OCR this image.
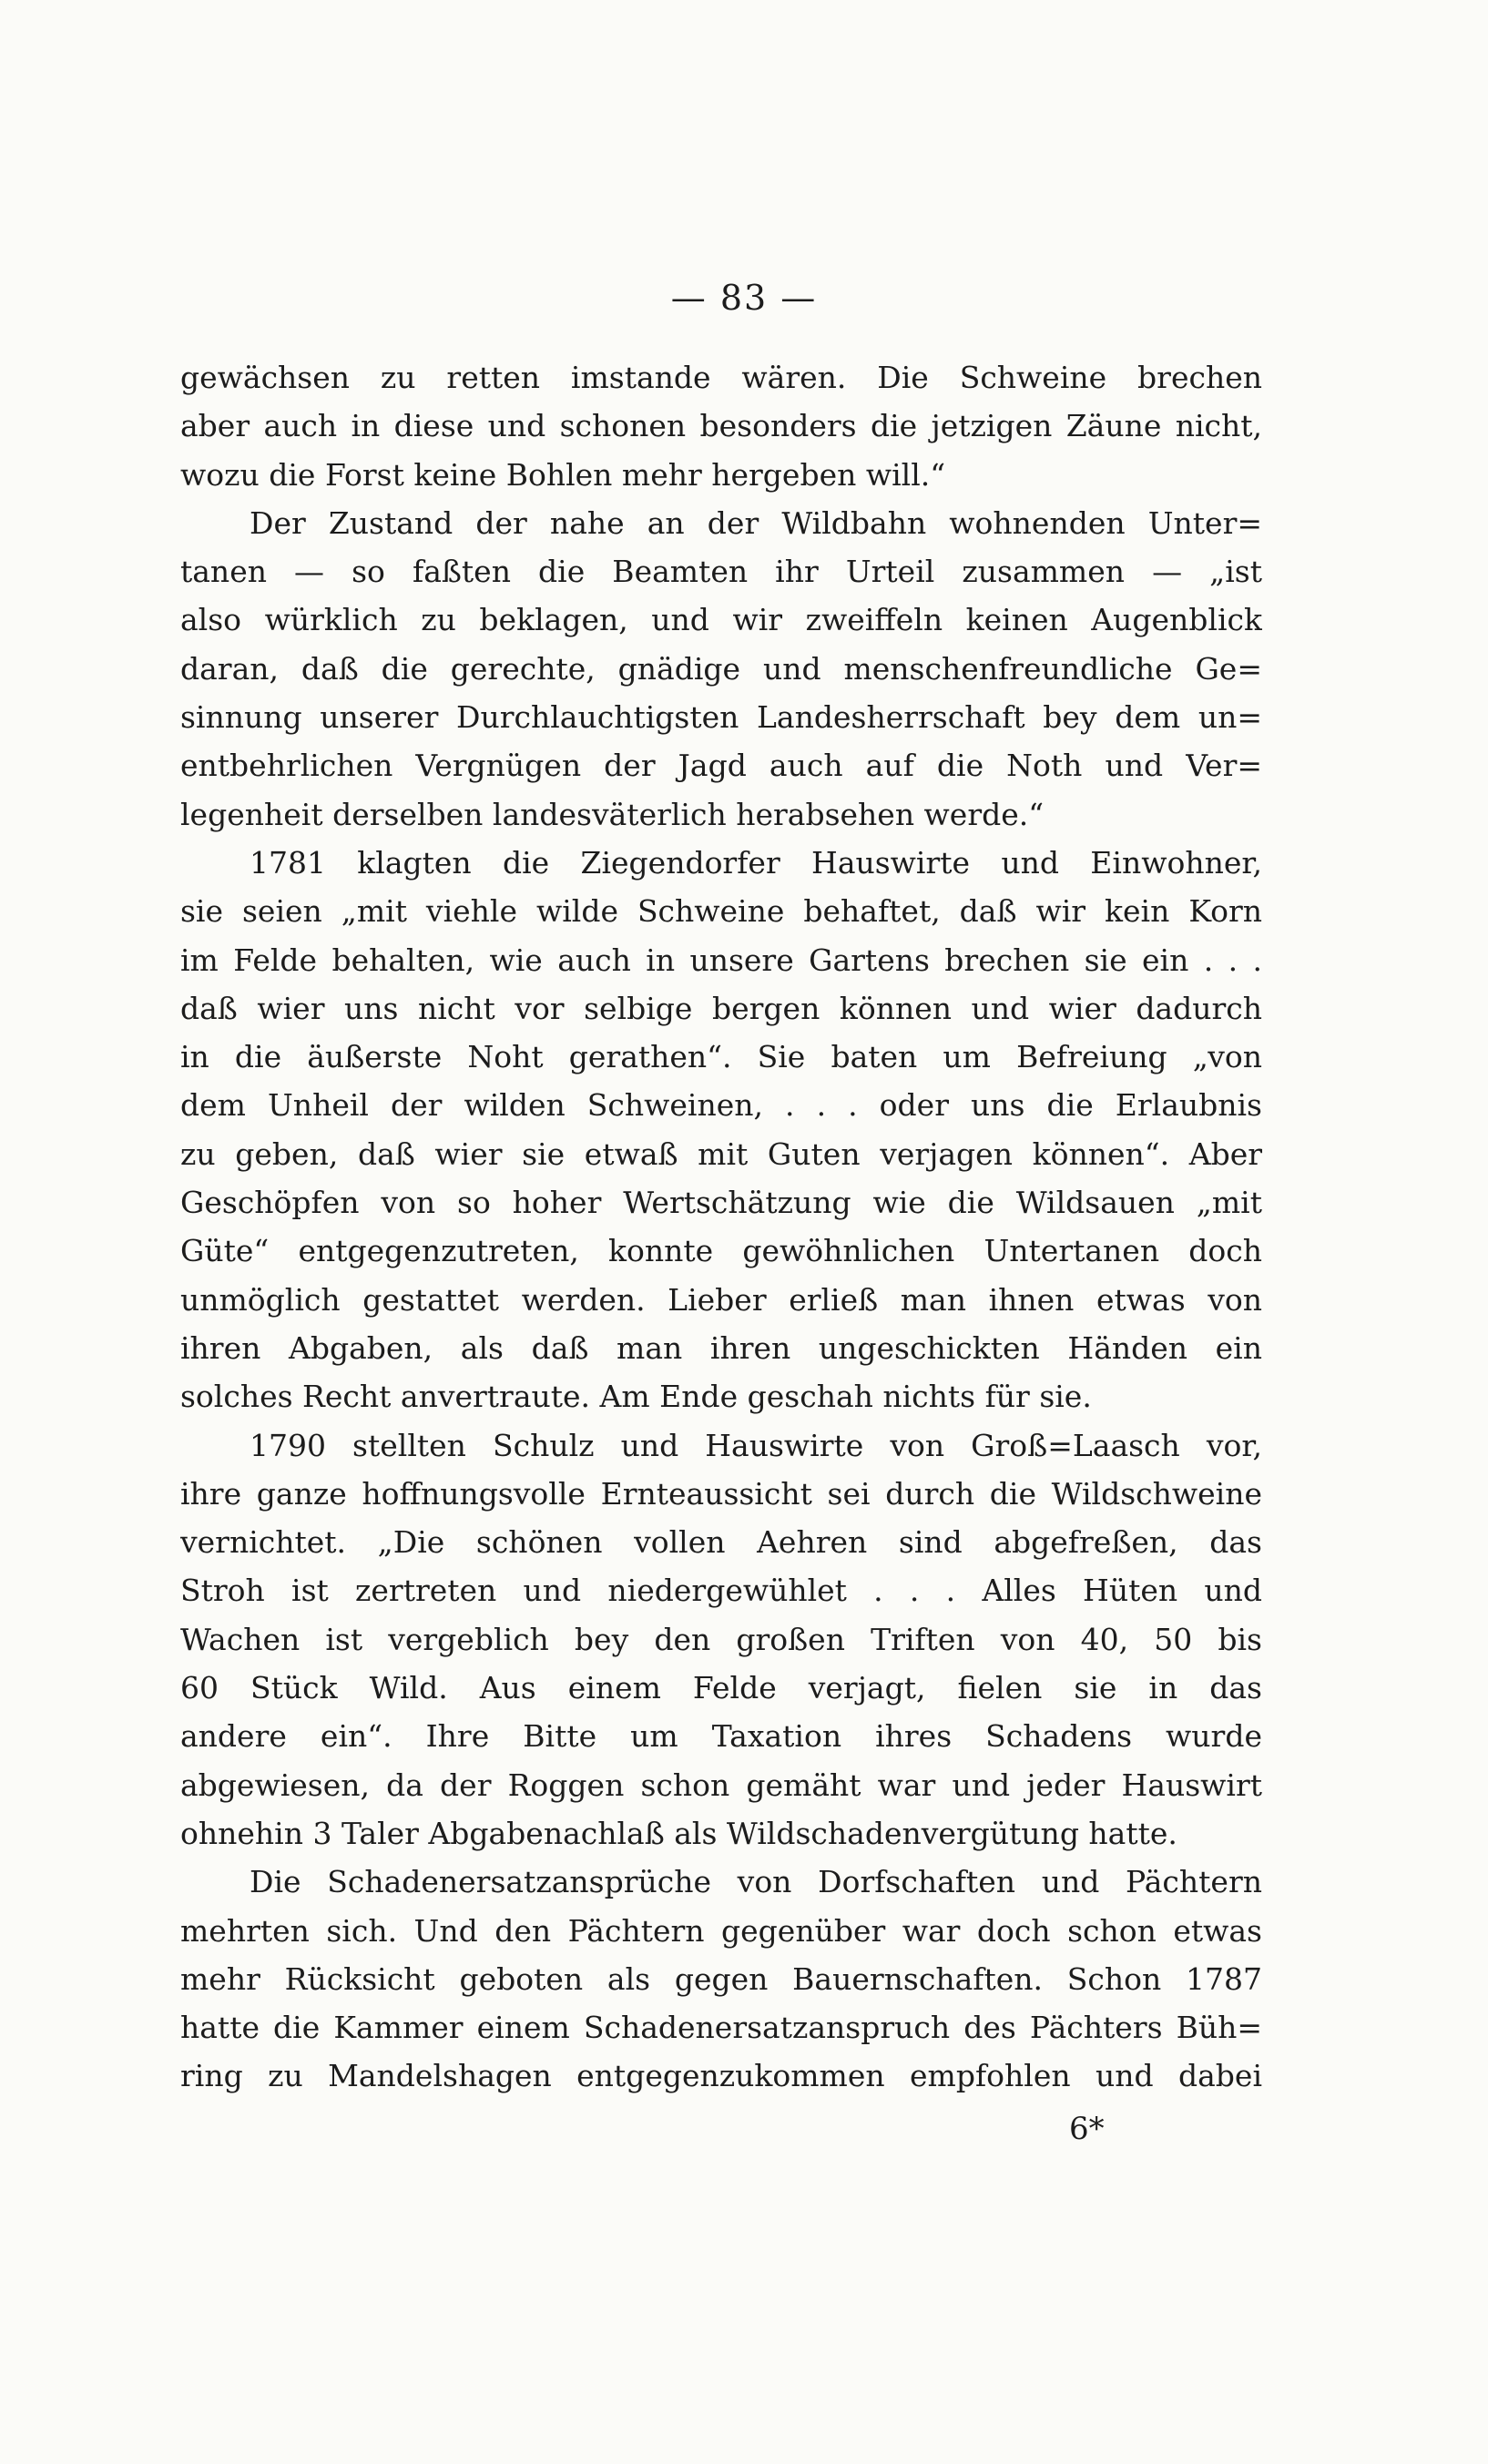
— 83 —
gewächsen zu retten imstande wären. Die Schweine brechen
aber auch in diese und schonen besonders die jetzigen Zäune nicht,
wozu die Forst keine Bohlen mehr hergeben will.“
Der Zustand der nahe an der Wildbahn wohnenden Unter=
tanen — so faßten die Beamten ihr Urteil zusammen — „ist
also würklich zu beklagen, und wir zweiffeln keinen Augenblick
daran, daß die gerechte, gnädige und menschenfreundliche Ge=
sinnung unserer Durchlauchtigsten Landesherrschaft bey dem un=
entbehrlichen Vergnügen der Jagd auch auf die Noth und Ver=
legenheit derselben landesväterlich herabsehen werde.“
1781 klagten die Ziegendorfer Hauswirte und Einwohner,
sie seien „mit viehle wilde Schweine behaftet, daß wir kein Korn
im Felde behalten, wie auch in unsere Gartens brechen sie ein . . .
daß wier uns nicht vor selbige bergen können und wier dadurch
in die äußerste Noht gerathen“. Sie baten um Befreiung „von
dem Unheil der wilden Schweinen, . . . oder uns die Erlaubnis
zu geben, daß wier sie etwaß mit Guten verjagen können“. Aber
Geschöpfen von so hoher Wertschätzung wie die Wildsauen „mit
Güte“ entgegenzutreten, konnte gewöhnlichen Untertanen doch
unmöglich gestattet werden. Lieber erließ man ihnen etwas von
ihren Abgaben, als daß man ihren ungeschickten Händen ein
solches Recht anvertraute. Am Ende geschah nichts für sie.
1790 stellten Schulz und Hauswirte von Groß=Laasch vor,
ihre ganze hoffnungsvolle Ernteaussicht sei durch die Wildschweine
vernichtet. „Die schönen vollen Aehren sind abgefreßen, das
Stroh ist zertreten und niedergewühlet . . . Alles Hüten und
Wachen ist vergeblich bey den großen Triften von 40, 50 bis
60 Stück Wild. Aus einem Felde verjagt, fielen sie in das
andere ein“. Ihre Bitte um Taxation ihres Schadens wurde
abgewiesen, da der Roggen schon gemäht war und jeder Hauswirt
ohnehin 3 Taler Abgabenachlaß als Wildschadenvergütung hatte.
Die Schadenersatzansprüche von Dorfschaften und Pächtern
mehrten sich. Und den Pächtern gegenüber war doch schon etwas
mehr Rücksicht geboten als gegen Bauernschaften. Schon 1787
hatte die Kammer einem Schadenersatzanspruch des Pächters Büh=
ring zu Mandelshagen entgegenzukommen empfohlen und dabei
6*
